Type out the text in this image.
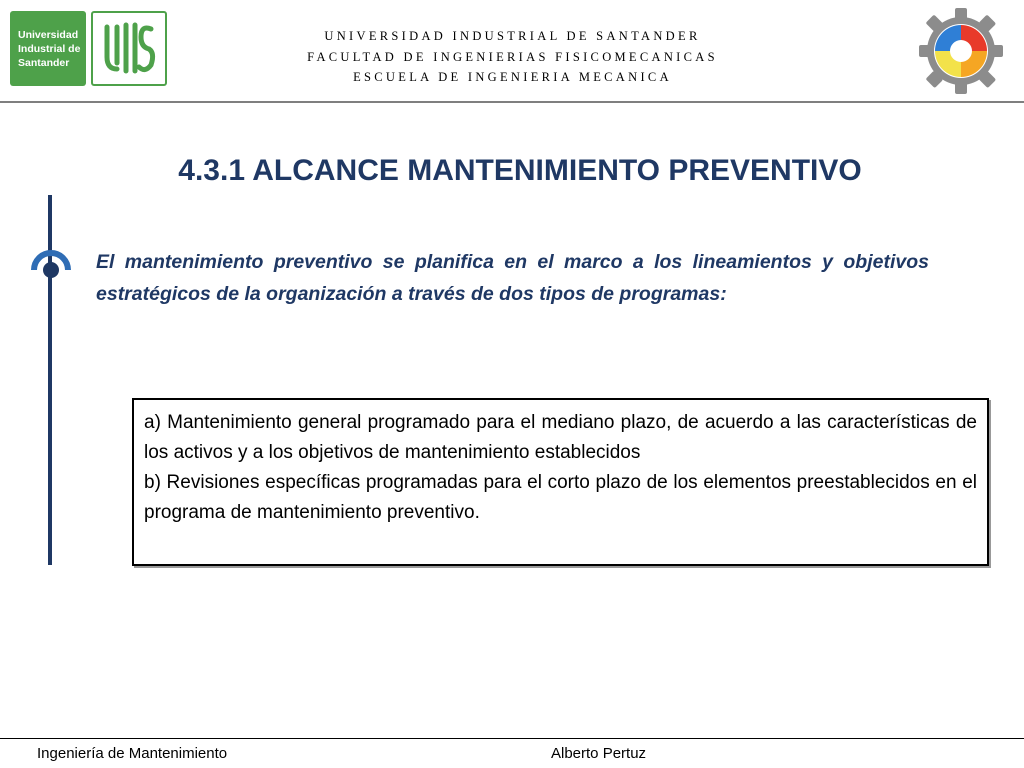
Universidad
Industrial de
Santander
UNIVERSIDAD INDUSTRIAL DE SANTANDER
FACULTAD DE INGENIERIAS FISICOMECANICAS
ESCUELA DE INGENIERIA MECANICA
4.3.1 ALCANCE MANTENIMIENTO PREVENTIVO
El mantenimiento preventivo se planifica en el marco a los lineamientos y objetivos estratégicos de la organización a través de dos tipos de programas:

a) Mantenimiento general programado para el mediano plazo, de acuerdo a las características de los activos y a los objetivos de mantenimiento establecidos

b) Revisiones específicas programadas para el corto plazo de los elementos preestablecidos en el programa de mantenimiento preventivo.

Ingeniería de Mantenimiento	Alberto Pertuz
